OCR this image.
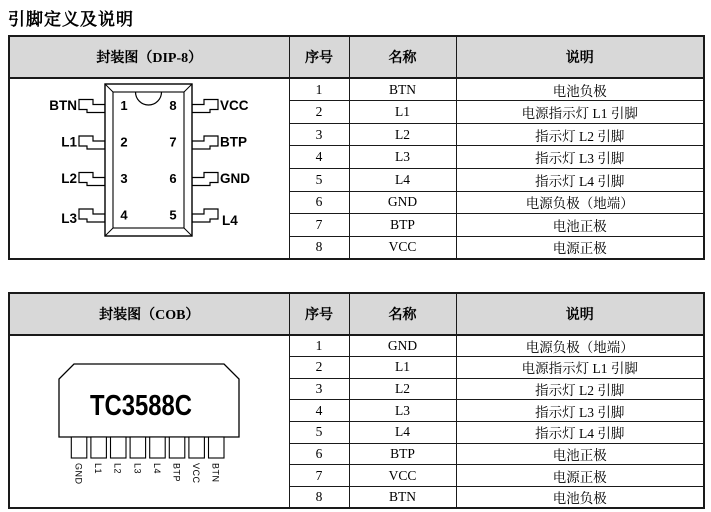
引脚定义及说明
封装图（DIP-8）	序号	名称	说明

1
2
3
4
8
7
6
5
BTN
L1
L2
L3
VCC
BTP
GND
L4
	1	BTN	电池负极
	2	L1	电源指示灯 L1 引脚
	3	L2	指示灯 L2 引脚
	4	L3	指示灯 L3 引脚
	5	L4	指示灯 L4 引脚
	6	GND	电源负极（地端）
	7	BTP	电池正极
	8	VCC	电源正极
封装图（COB）	序号	名称	说明

TC3588C
GND L1 L2 L3 L4 BTP VCC BTN
	1	GND	电源负极（地端）
	2	L1	电源指示灯 L1 引脚
	3	L2	指示灯 L2 引脚
	4	L3	指示灯 L3 引脚
	5	L4	指示灯 L4 引脚
	6	BTP	电池正极
	7	VCC	电源正极
	8	BTN	电池负极
